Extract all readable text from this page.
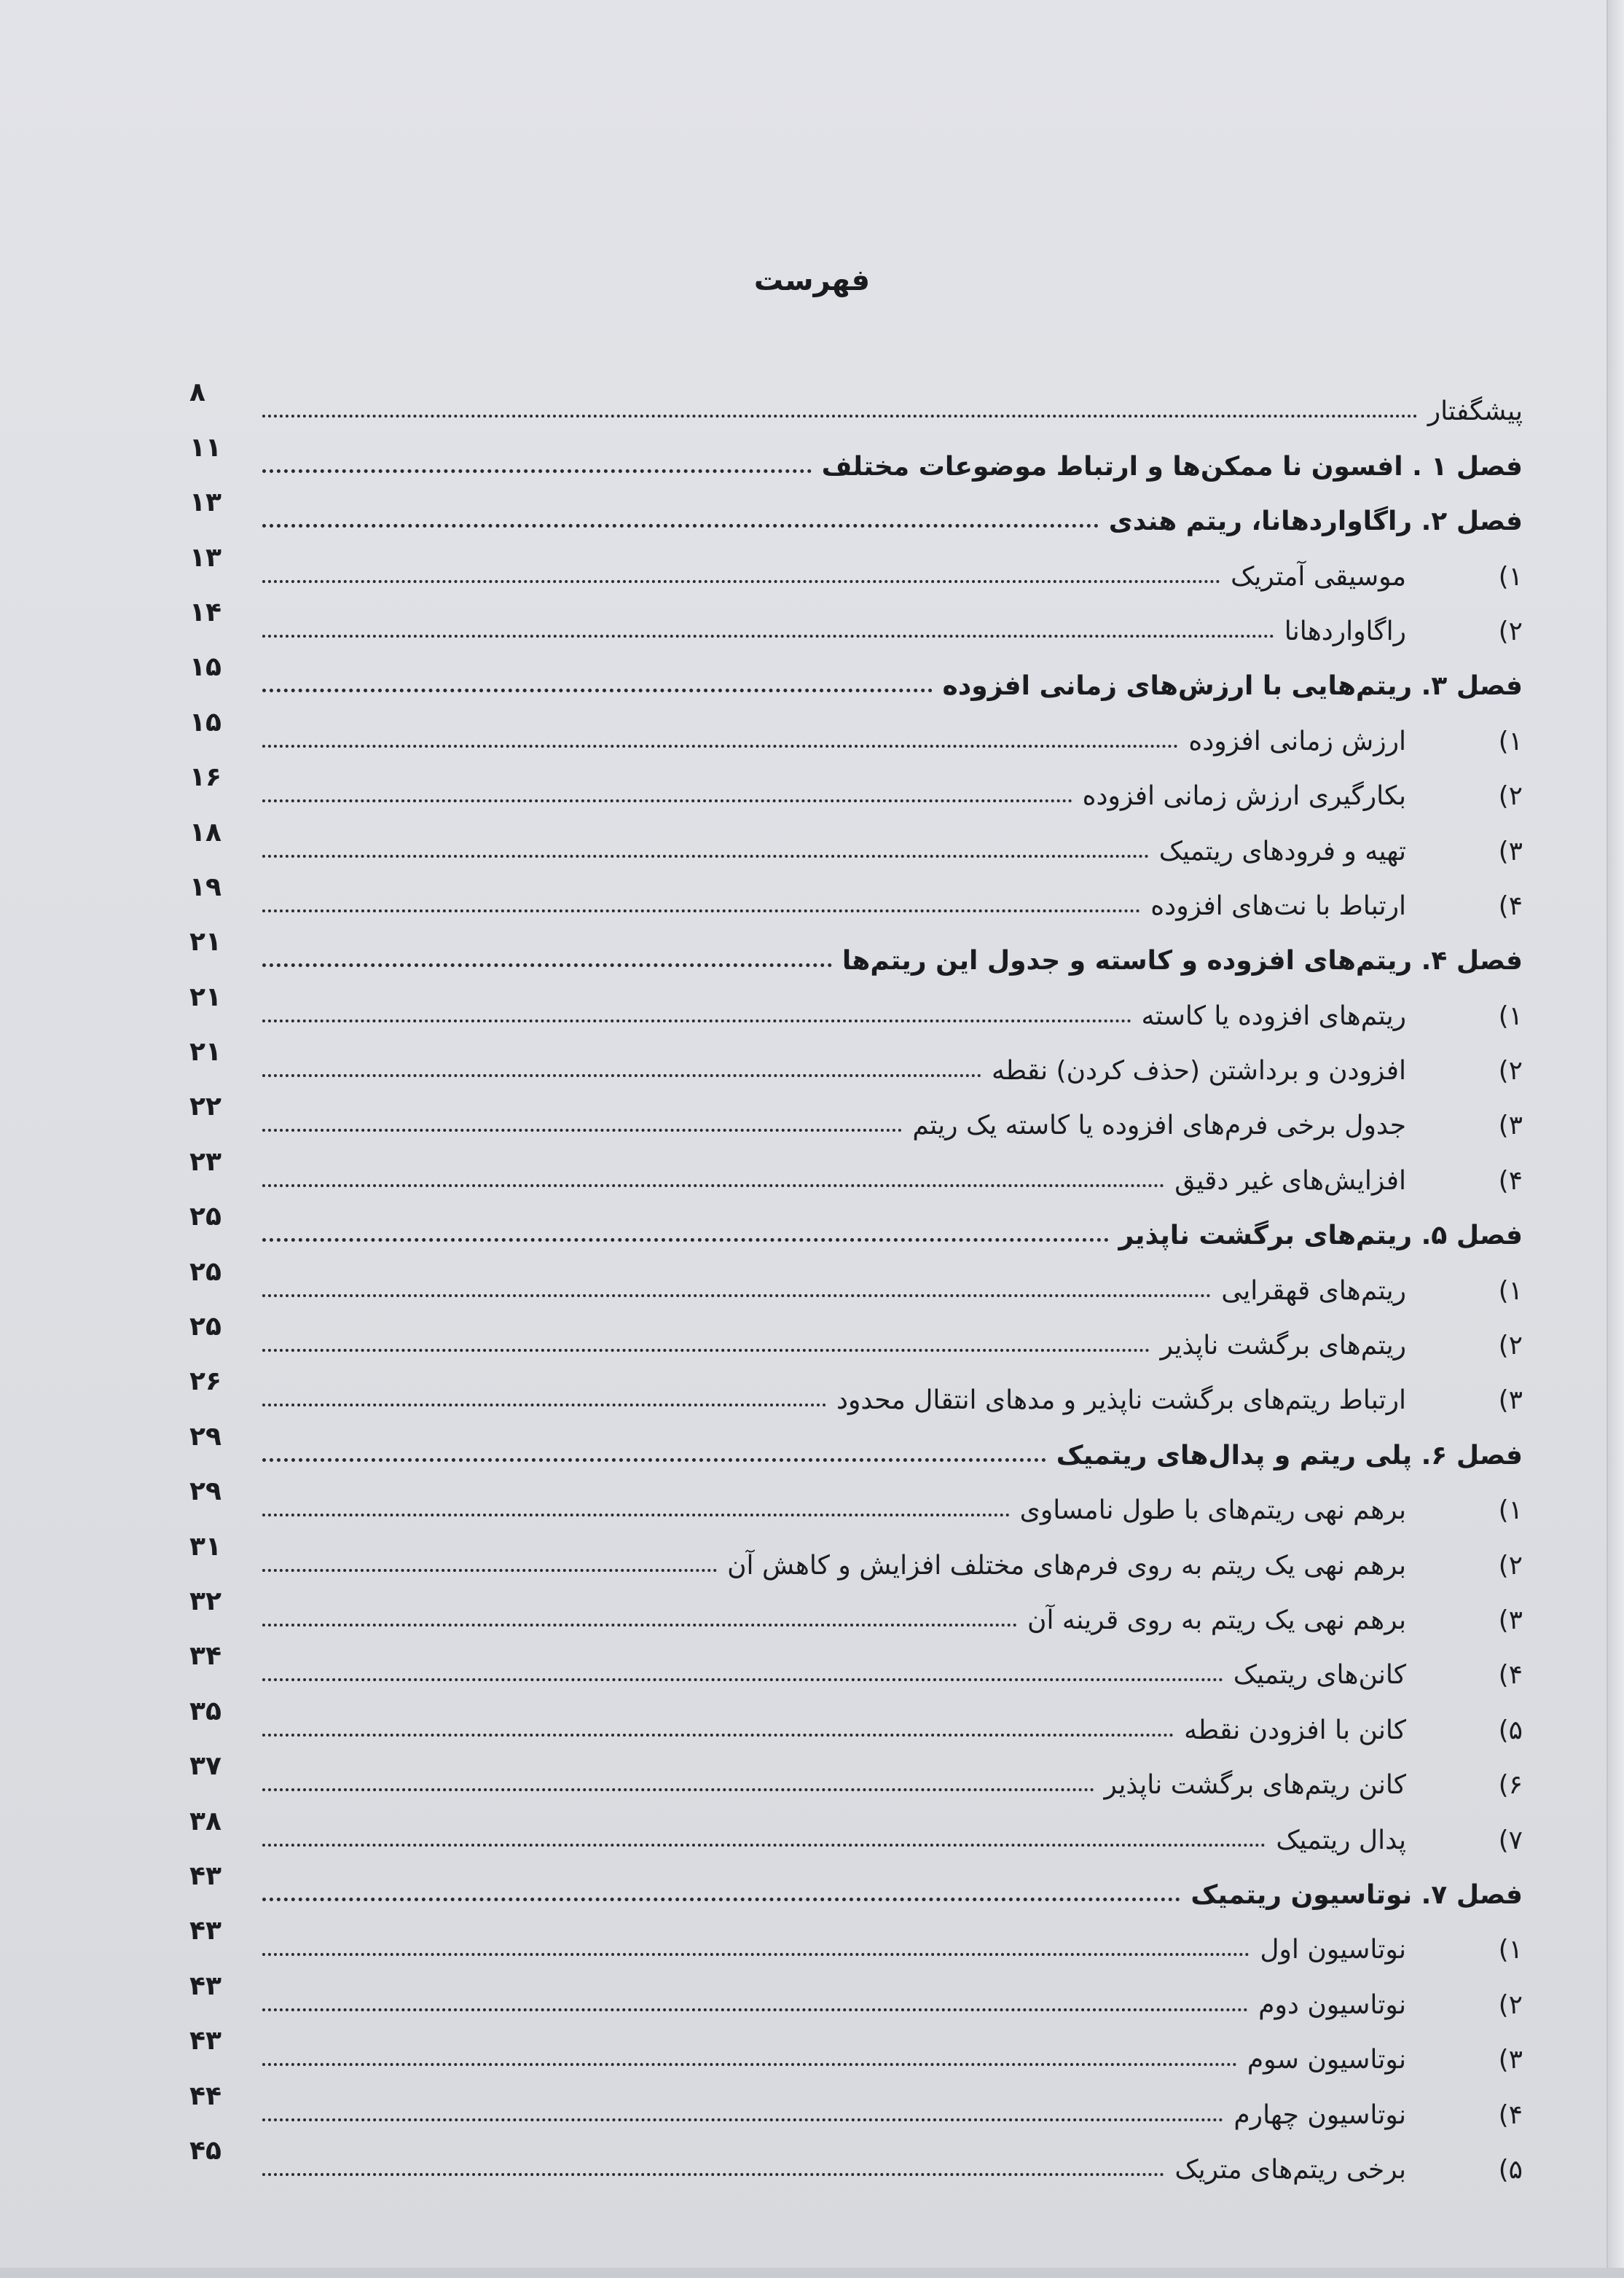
فهرست
پیشگفتار
۸
فصل ۱ . افسون نا ممکن‌ها و ارتباط موضوعات مختلف
۱۱
فصل ۲. راگاواردهانا، ریتم هندی
۱۳
۱)
موسیقی آمتریک
۱۳
۲)
راگاواردهانا
۱۴
فصل ۳. ریتم‌هایی با ارزش‌های زمانی افزوده
۱۵
۱)
ارزش زمانی افزوده
۱۵
۲)
بکارگیری ارزش زمانی افزوده
۱۶
۳)
تهیه و فرودهای ریتمیک
۱۸
۴)
ارتباط با نت‌های افزوده
۱۹
فصل ۴. ریتم‌های افزوده و کاسته و جدول این ریتم‌ها
۲۱
۱)
ریتم‌های افزوده یا کاسته
۲۱
۲)
افزودن و برداشتن (حذف کردن) نقطه
۲۱
۳)
جدول برخی فرم‌های افزوده یا کاسته یک ریتم
۲۲
۴)
افزایش‌های غیر دقیق
۲۳
فصل ۵. ریتم‌های برگشت ناپذیر
۲۵
۱)
ریتم‌های قهقرایی
۲۵
۲)
ریتم‌های برگشت ناپذیر
۲۵
۳)
ارتباط ریتم‌های برگشت ناپذیر و مدهای انتقال محدود
۲۶
فصل ۶. پلی ریتم و پدال‌های ریتمیک
۲۹
۱)
برهم نهی ریتم‌های با طول نامساوی
۲۹
۲)
برهم نهی یک ریتم به روی فرم‌های مختلف افزایش و کاهش آن
۳۱
۳)
برهم نهی یک ریتم به روی قرینه آن
۳۲
۴)
کانن‌های ریتمیک
۳۴
۵)
کانن با افزودن نقطه
۳۵
۶)
کانن ریتم‌های برگشت ناپذیر
۳۷
۷)
پدال ریتمیک
۳۸
فصل ۷. نوتاسیون ریتمیک
۴۳
۱)
نوتاسیون اول
۴۳
۲)
نوتاسیون دوم
۴۳
۳)
نوتاسیون سوم
۴۳
۴)
نوتاسیون چهارم
۴۴
۵)
برخی ریتم‌های متریک
۴۵
